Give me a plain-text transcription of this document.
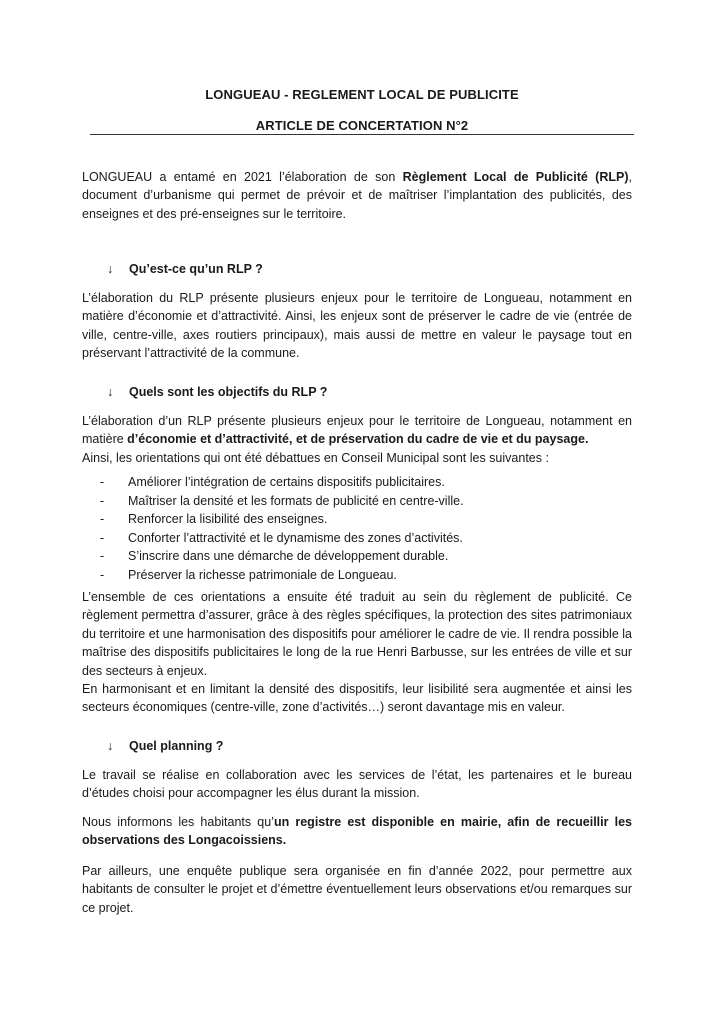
LONGUEAU - REGLEMENT LOCAL DE PUBLICITE
ARTICLE DE CONCERTATION N°2

LONGUEAU a entamé en 2021 l’élaboration de son Règlement Local de Publicité (RLP), document d’urbanisme qui permet de prévoir et de maîtriser l’implantation des publicités, des enseignes et des pré-enseignes sur le territoire.

↓ Qu’est-ce qu’un RLP ?

L’élaboration du RLP présente plusieurs enjeux pour le territoire de Longueau, notamment en matière d’économie et d’attractivité. Ainsi, les enjeux sont de préserver le cadre de vie (entrée de ville, centre-ville, axes routiers principaux), mais aussi de mettre en valeur le paysage tout en préservant l’attractivité de la commune.

↓ Quels sont les objectifs du RLP ?

L’élaboration d’un RLP présente plusieurs enjeux pour le territoire de Longueau, notamment en matière d’économie et d’attractivité, et de préservation du cadre de vie et du paysage.
Ainsi, les orientations qui ont été débattues en Conseil Municipal sont les suivantes :

- Améliorer l’intégration de certains dispositifs publicitaires.
- Maîtriser la densité et les formats de publicité en centre-ville.
- Renforcer la lisibilité des enseignes.
- Conforter l’attractivité et le dynamisme des zones d’activités.
- S’inscrire dans une démarche de développement durable.
- Préserver la richesse patrimoniale de Longueau.

L’ensemble de ces orientations a ensuite été traduit au sein du règlement de publicité. Ce règlement permettra d’assurer, grâce à des règles spécifiques, la protection des sites patrimoniaux du territoire et une harmonisation des dispositifs pour améliorer le cadre de vie. Il rendra possible la maîtrise des dispositifs publicitaires le long de la rue Henri Barbusse, sur les entrées de ville et sur des secteurs à enjeux.
En harmonisant et en limitant la densité des dispositifs, leur lisibilité sera augmentée et ainsi les secteurs économiques (centre-ville, zone d’activités…) seront davantage mis en valeur.

↓ Quel planning ?

Le travail se réalise en collaboration avec les services de l’état, les partenaires et le bureau d’études choisi pour accompagner les élus durant la mission.

Nous informons les habitants qu’un registre est disponible en mairie, afin de recueillir les observations des Longacoissiens.

Par ailleurs, une enquête publique sera organisée en fin d’année 2022, pour permettre aux habitants de consulter le projet et d’émettre éventuellement leurs observations et/ou remarques sur ce projet.
